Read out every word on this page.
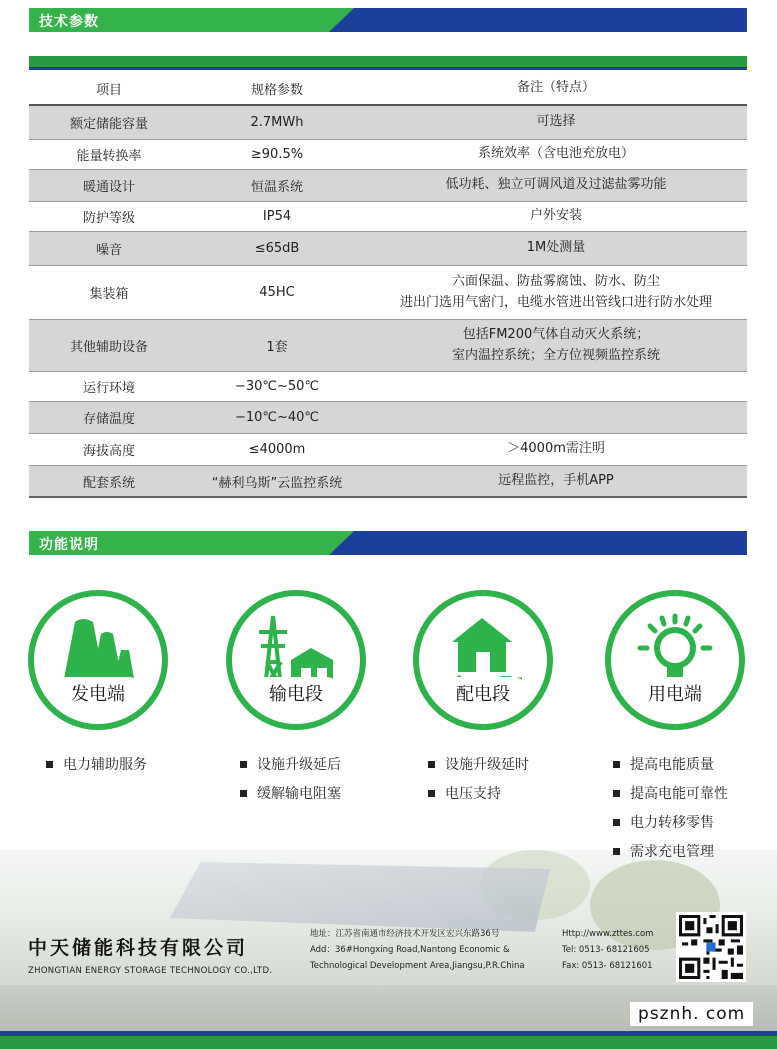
技术参数
项目	规格参数	备注（特点）
额定储能容量	2.7MWh	可选择
能量转换率	≥90.5%	系统效率（含电池充放电）
暖通设计	恒温系统	低功耗、独立可调风道及过滤盐雾功能
防护等级	IP54	户外安装
噪音	≤65dB	1M处测量
集装箱	45HC
六面保温、防盐雾腐蚀、防水、防尘
进出门选用气密门，电缆水管进出管线口进行防水处理
其他辅助设备	1套
包括FM200气体自动灭火系统；
室内温控系统；全方位视频监控系统
运行环境	−30℃~50℃
存储温度	−10℃~40℃
海拔高度	≤4000m	＞4000m需注明
配套系统	“赫利乌斯”云监控系统	远程监控，手机APP
功能说明
发电端	输电段	配电段	用电端
电力辅助服务	设施升级延后
缓解输电阻塞
设施升级延时
电压支持
提高电能质量
提高电能可靠性
电力转移零售
需求充电管理
中天储能科技有限公司
ZHONGTIAN ENERGY STORAGE TECHNOLOGY CO.,LTD.
地址：江苏省南通市经济技术开发区宏兴东路36号
Add：36#Hongxing Road,Nantong Economic &
Technological Development Area,Jiangsu,P.R.China
Http://www.zttes.com
Tel: 0513- 68121605
Fax: 0513- 68121601
psznh. com
